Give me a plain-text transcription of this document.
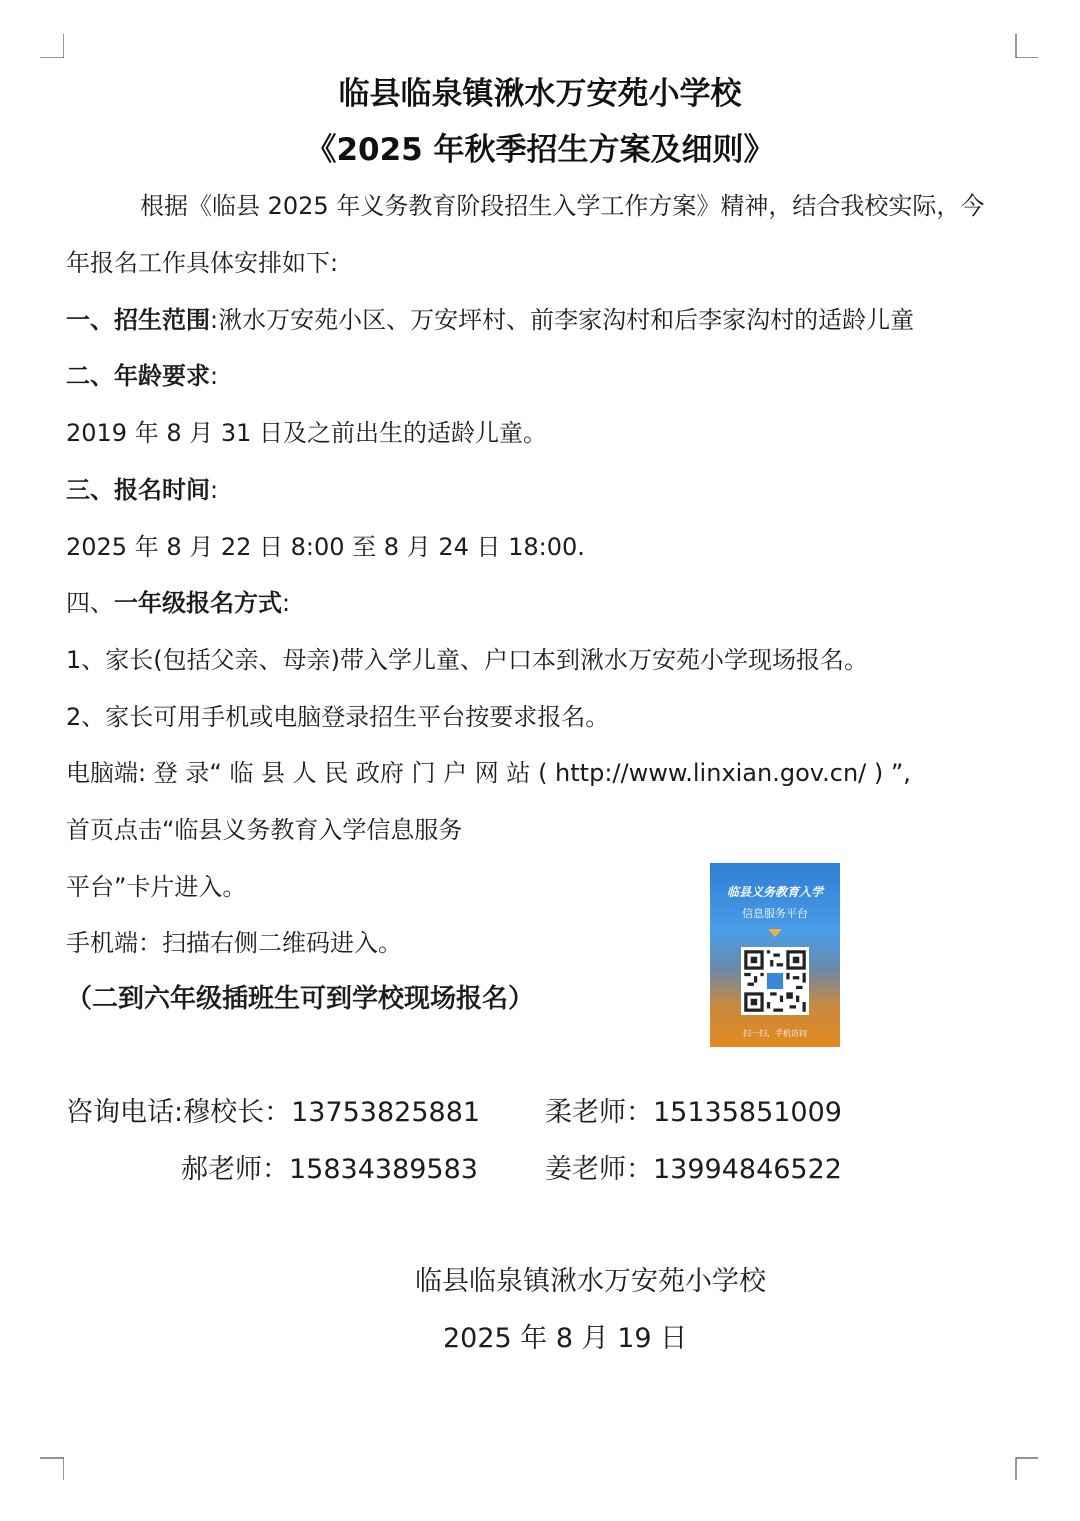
临县临泉镇湫水万安苑小学校
《2025 年秋季招生方案及细则》
根据《临县 2025 年义务教育阶段招生入学工作方案》精神，结合我校实际，今
年报名工作具体安排如下:
一、招生范围:湫水万安苑小区、万安坪村、前李家沟村和后李家沟村的适龄儿童
二、年龄要求:
2019 年 8 月 31 日及之前出生的适龄儿童。
三、报名时间:
2025 年 8 月 22 日 8:00 至 8 月 24 日 18:00.
四、一年级报名方式:
1、家长(包括父亲、母亲)带入学儿童、户口本到湫水万安苑小学现场报名。
2、家长可用手机或电脑登录招生平台按要求报名。
电脑端: 登 录“ 临 县 人 民 政府 门 户 网 站 ( http://www.linxian.gov.cn/ ) ”,
首页点击“临县义务教育入学信息服务
平台”卡片进入。
手机端：扫描右侧二维码进入。
（二到六年级插班生可到学校现场报名）
临县义务教育入学
信息服务平台
扫一扫，手机访问
咨询电话:穆校长：13753825881 柔老师：15135851009
郝老师：15834389583 姜老师：13994846522
临县临泉镇湫水万安苑小学校
2025 年 8 月 19 日
